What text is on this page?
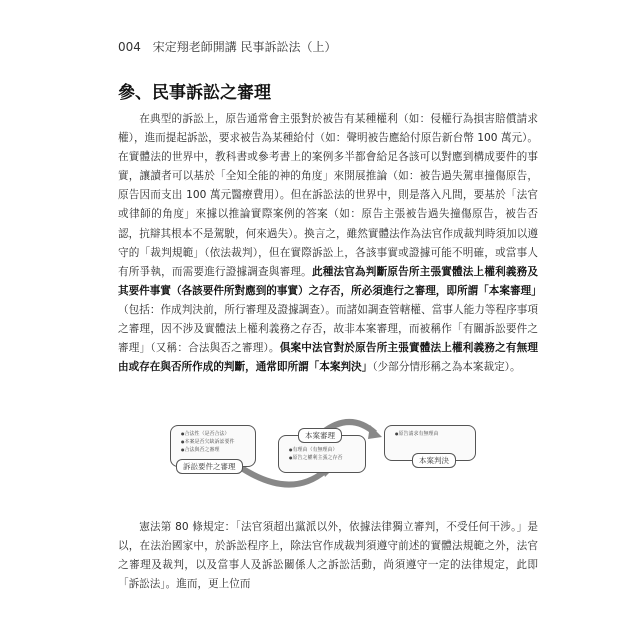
004 宋定翔老師開講 民事訴訟法（上）
參、民事訴訟之審理

在典型的訴訟上，原告通常會主張對於被告有某種權利（如：侵權行為損害賠償請求權），進而提起訴訟，要求被告為某種給付（如：聲明被告應給付原告新台幣 100 萬元）。在實體法的世界中，教科書或參考書上的案例多半都會給足各該可以對應到構成要件的事實，讓讀者可以基於「全知全能的神的角度」來開展推論（如：被告過失駕車撞傷原告，原告因而支出 100 萬元醫療費用）。但在訴訟法的世界中，則是落入凡間，要基於「法官或律師的角度」來據以推論實際案例的答案（如：原告主張被告過失撞傷原告，被告否認，抗辯其根本不是駕駛，何來過失）。換言之，雖然實體法作為法官作成裁判時須加以遵守的「裁判規範」（依法裁判），但在實際訴訟上，各該事實或證據可能不明確，或當事人有所爭執，而需要進行證據調查與審理。此種法官為判斷原告所主張實體法上權利義務及其要件事實（各該要件所對應到的事實）之存否，所必須進行之審理，即所謂「本案審理」（包括：作成判決前，所行審理及證據調查）。而諸如調查管轄權、當事人能力等程序事項之審理，因不涉及實體法上權利義務之存否，故非本案審理，而被稱作「有關訴訟要件之審理」（又稱：合法與否之審理）。俱案中法官對於原告所主張實體法上權利義務之有無理由或存在與否所作成的判斷，通常即所謂「本案判決」（少部分情形稱之為本案裁定）。

● 合法性（是否合法）
● 本案是否欠缺訴訟要件
● 合法與否之審理
訴訟要件之審理
● 有理由（有無理由）
● 原告之權利主張之存否
本案審理
●	原告請求有無理由
本案判決

憲法第 80 條規定：「法官須超出黨派以外，依據法律獨立審判，不受任何干涉。」是以，在法治國家中，於訴訟程序上，除法官作成裁判須遵守前述的實體法規範之外，法官之審理及裁判，以及當事人及訴訟關係人之訴訟活動，尚須遵守一定的法律規定，此即「訴訟法」。進而，更上位而
